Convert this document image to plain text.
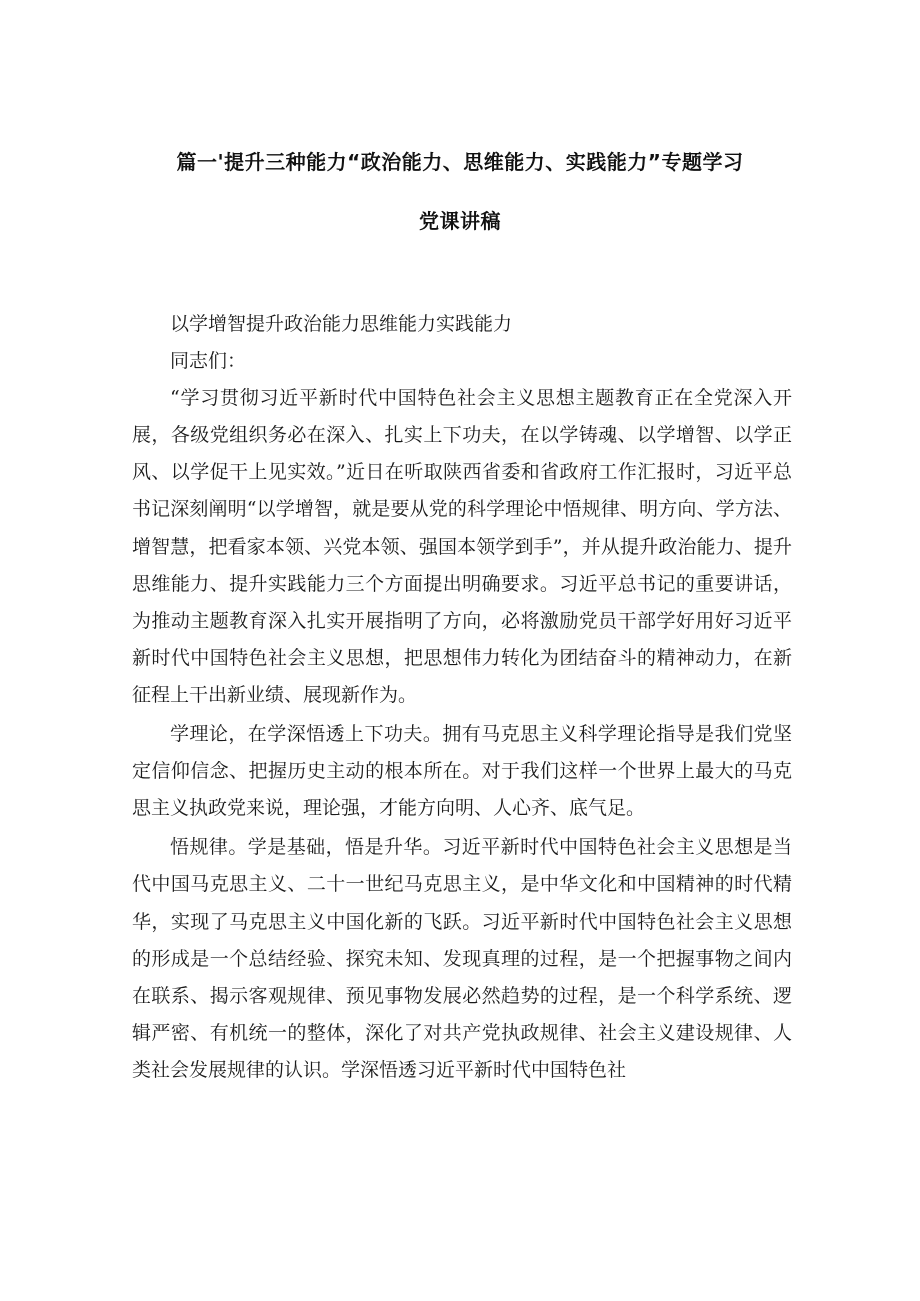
篇一'提升三种能力“政治能力、思维能力、实践能力”专题学习
党课讲稿

以学增智提升政治能力思维能力实践能力

同志们：

“学习贯彻习近平新时代中国特色社会主义思想主题教育正在全党深入开展，各级党组织务必在深入、扎实上下功夫，在以学铸魂、以学增智、以学正风、以学促干上见实效。”近日在听取陕西省委和省政府工作汇报时，习近平总书记深刻阐明“以学增智，就是要从党的科学理论中悟规律、明方向、学方法、增智慧，把看家本领、兴党本领、强国本领学到手”，并从提升政治能力、提升思维能力、提升实践能力三个方面提出明确要求。习近平总书记的重要讲话，为推动主题教育深入扎实开展指明了方向，必将激励党员干部学好用好习近平新时代中国特色社会主义思想，把思想伟力转化为团结奋斗的精神动力，在新征程上干出新业绩、展现新作为。

学理论，在学深悟透上下功夫。拥有马克思主义科学理论指导是我们党坚定信仰信念、把握历史主动的根本所在。对于我们这样一个世界上最大的马克思主义执政党来说，理论强，才能方向明、人心齐、底气足。

悟规律。学是基础，悟是升华。习近平新时代中国特色社会主义思想是当代中国马克思主义、二十一世纪马克思主义，是中华文化和中国精神的时代精华，实现了马克思主义中国化新的飞跃。习近平新时代中国特色社会主义思想的形成是一个总结经验、探究未知、发现真理的过程，是一个把握事物之间内在联系、揭示客观规律、预见事物发展必然趋势的过程，是一个科学系统、逻辑严密、有机统一的整体，深化了对共产党执政规律、社会主义建设规律、人类社会发展规律的认识。学深悟透习近平新时代中国特色社
